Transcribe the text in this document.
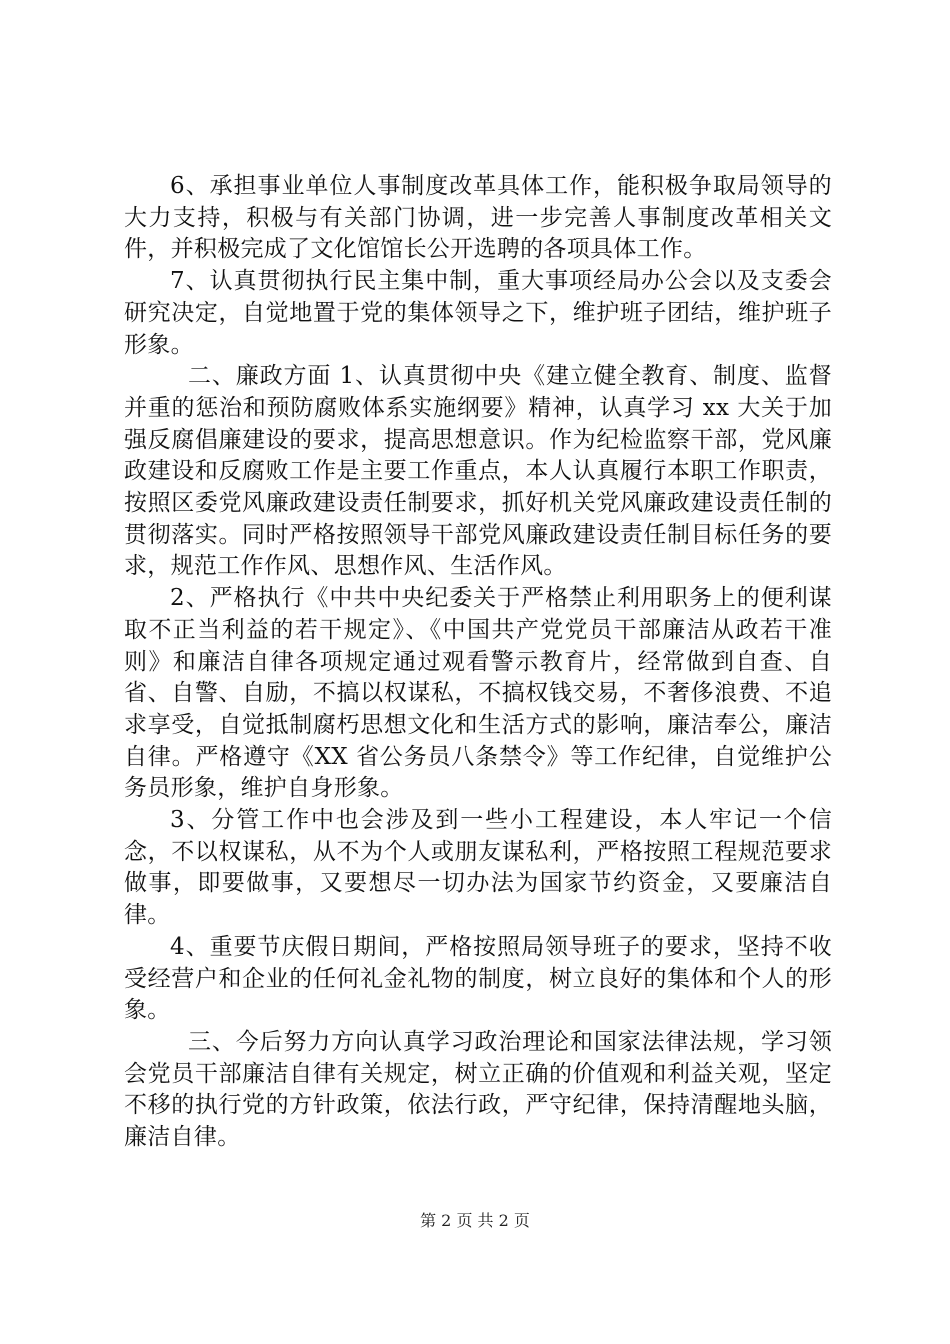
6、承担事业单位人事制度改革具体工作，能积极争取局领导的大力支持，积极与有关部门协调，进一步完善人事制度改革相关文件，并积极完成了文化馆馆长公开选聘的各项具体工作。

7、认真贯彻执行民主集中制，重大事项经局办公会以及支委会研究决定，自觉地置于党的集体领导之下，维护班子团结，维护班子形象。

二、廉政方面 1、认真贯彻中央《建立健全教育、制度、监督并重的惩治和预防腐败体系实施纲要》精神，认真学习 xx 大关于加强反腐倡廉建设的要求，提高思想意识。作为纪检监察干部，党风廉政建设和反腐败工作是主要工作重点，本人认真履行本职工作职责，按照区委党风廉政建设责任制要求，抓好机关党风廉政建设责任制的贯彻落实。同时严格按照领导干部党风廉政建设责任制目标任务的要求，规范工作作风、思想作风、生活作风。

2、严格执行《中共中央纪委关于严格禁止利用职务上的便利谋取不正当利益的若干规定》、《中国共产党党员干部廉洁从政若干准则》和廉洁自律各项规定通过观看警示教育片，经常做到自查、自省、自警、自励，不搞以权谋私，不搞权钱交易，不奢侈浪费、不追求享受，自觉抵制腐朽思想文化和生活方式的影响，廉洁奉公，廉洁自律。严格遵守《XX 省公务员八条禁令》等工作纪律，自觉维护公务员形象，维护自身形象。

3、分管工作中也会涉及到一些小工程建设，本人牢记一个信念，不以权谋私，从不为个人或朋友谋私利，严格按照工程规范要求做事，即要做事，又要想尽一切办法为国家节约资金，又要廉洁自律。

4、重要节庆假日期间，严格按照局领导班子的要求，坚持不收受经营户和企业的任何礼金礼物的制度，树立良好的集体和个人的形象。

三、今后努力方向认真学习政治理论和国家法律法规，学习领会党员干部廉洁自律有关规定，树立正确的价值观和利益关观，坚定不移的执行党的方针政策，依法行政，严守纪律，保持清醒地头脑，廉洁自律。

第 2 页 共 2 页
